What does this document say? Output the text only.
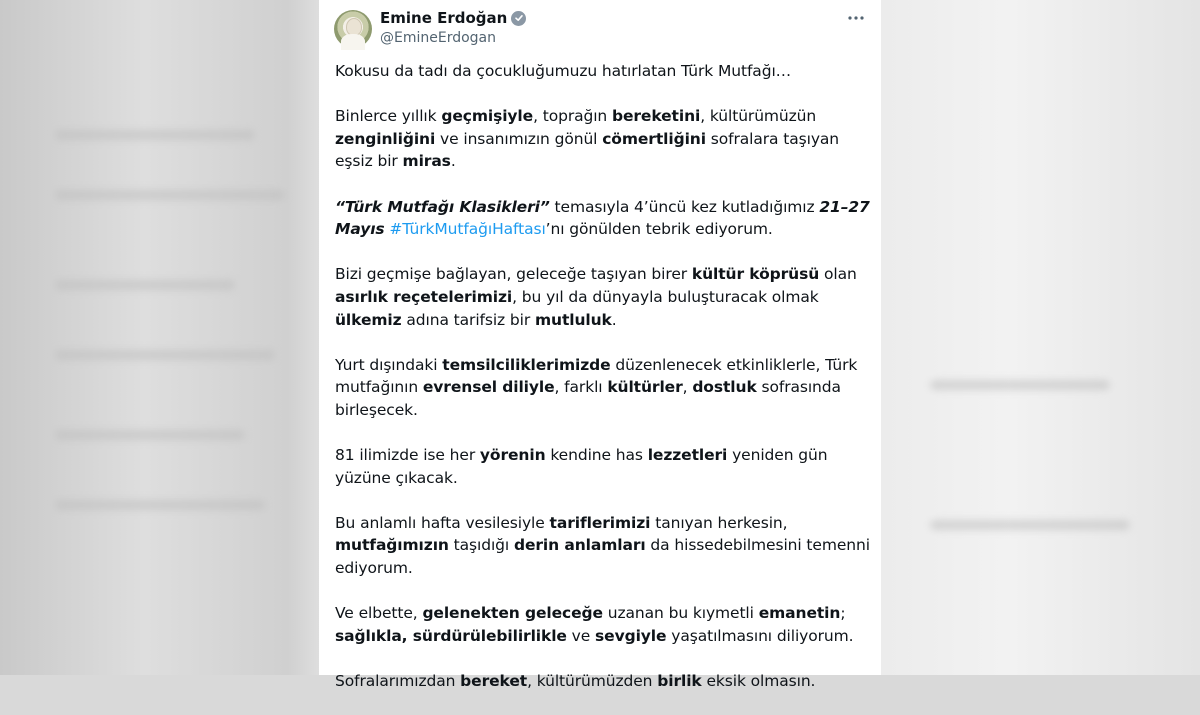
Emine Erdoğan
@EmineErdogan

Kokusu da tadı da çocukluğumuzu hatırlatan Türk Mutfağı…

Binlerce yıllık geçmişiyle, toprağın bereketini, kültürümüzün zenginliğini ve insanımızın gönül cömertliğini sofralara taşıyan eşsiz bir miras.

“Türk Mutfağı Klasikleri” temasıyla 4’üncü kez kutladığımız 21–27 Mayıs #TürkMutfağıHaftası’nı gönülden tebrik ediyorum.

Bizi geçmişe bağlayan, geleceğe taşıyan birer kültür köprüsü olan asırlık reçetelerimizi, bu yıl da dünyayla buluşturacak olmak ülkemiz adına tarifsiz bir mutluluk.

Yurt dışındaki temsilciliklerimizde düzenlenecek etkinliklerle, Türk mutfağının evrensel diliyle, farklı kültürler, dostluk sofrasında birleşecek.

81 ilimizde ise her yörenin kendine has lezzetleri yeniden gün yüzüne çıkacak.

Bu anlamlı hafta vesilesiyle tariflerimizi tanıyan herkesin, mutfağımızın taşıdığı derin anlamları da hissedebilmesini temenni ediyorum.

Ve elbette, gelenekten geleceğe uzanan bu kıymetli emanetin; sağlıkla, sürdürülebilirlikle ve sevgiyle yaşatılmasını diliyorum.

Sofralarımızdan bereket, kültürümüzden birlik eksik olmasın.
